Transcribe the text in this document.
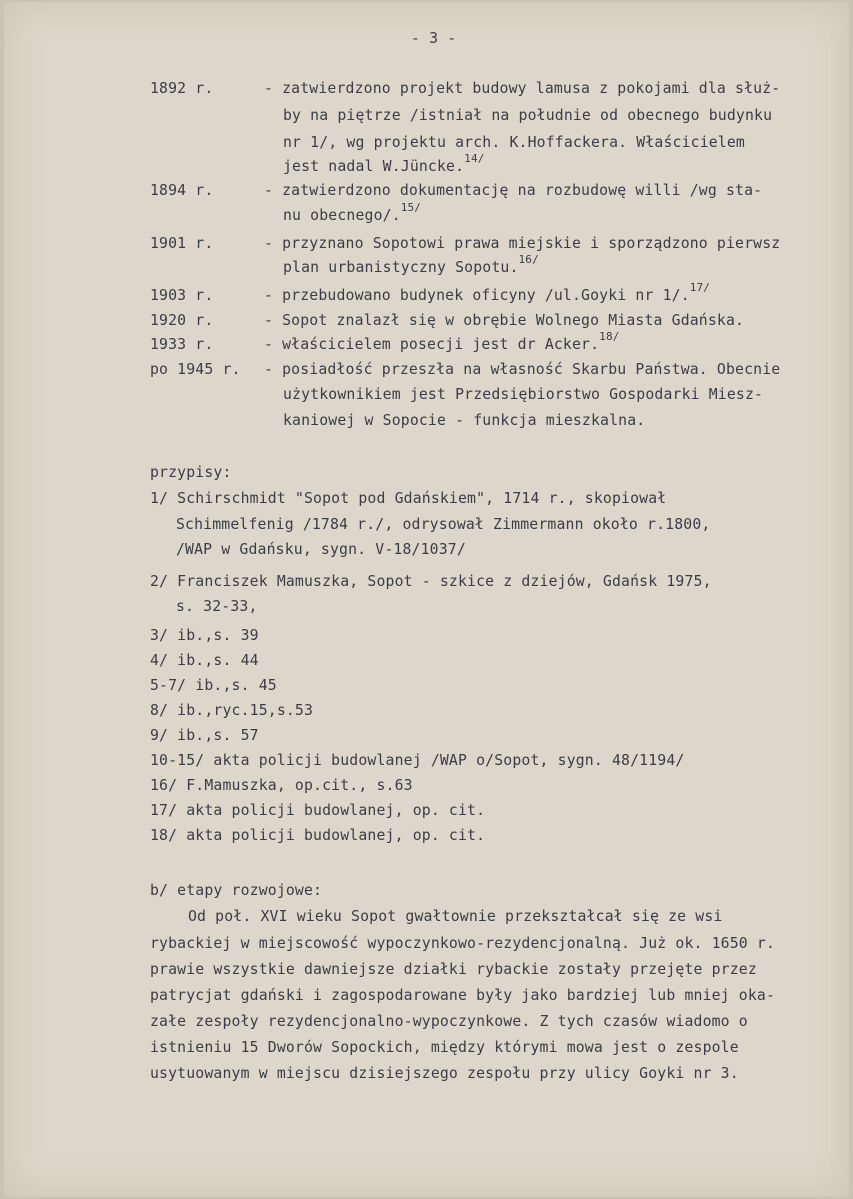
- 3 -
1892 r.	- zatwierdzono projekt budowy lamusa z pokojami dla służ-
by na piętrze /istniał na południe od obecnego budynku
nr 1/, wg projektu arch. K.Hoffackera. Właścicielem
jest nadal W.Jüncke.$^{14/}$
1894 r.	- zatwierdzono dokumentację na rozbudowę willi /wg sta-
nu obecnego/.$^{15/}$
1901 r.	- przyznano Sopotowi prawa miejskie i sporządzono pierwsz
plan urbanistyczny Sopotu.$^{16/}$
1903 r.	- przebudowano budynek oficyny /ul.Goyki nr 1/.$^{17/}$
1920 r.	- Sopot znalazł się w obrębie Wolnego Miasta Gdańska.
1933 r.	- właścicielem posecji jest dr Acker.$^{18/}$
po 1945 r. - posiadłość przeszła na własność Skarbu Państwa. Obecnie
użytkownikiem jest Przedsiębiorstwo Gospodarki Miesz-
kaniowej w Sopocie - funkcja mieszkalna.
przypisy:
1/ Schirschmidt "Sopot pod Gdańskiem", 1714 r., skopiował
Schimmelfenig /1784 r./, odrysował Zimmermann około r.1800,
/WAP w Gdańsku, sygn. V-18/1037/
2/ Franciszek Mamuszka, Sopot - szkice z dziejów, Gdańsk 1975,
s. 32-33,
3/ ib.,s. 39
4/ ib.,s. 44
5-7/ ib.,s. 45
8/ ib.,ryc.15,s.53
9/ ib.,s. 57
10-15/ akta policji budowlanej /WAP o/Sopot, sygn. 48/1194/
16/ F.Mamuszka, op.cit., s.63
17/ akta policji budowlanej, op. cit.
18/ akta policji budowlanej, op. cit.
b/ etapy rozwojowe:
Od poł. XVI wieku Sopot gwałtownie przekształcał się ze wsi
rybackiej w miejscowość wypoczynkowo-rezydencjonalną. Już ok. 1650 r.
prawie wszystkie dawniejsze działki rybackie zostały przejęte przez
patrycjat gdański i zagospodarowane były jako bardziej lub mniej oka-
załe zespoły rezydencjonalno-wypoczynkowe. Z tych czasów wiadomo o
istnieniu 15 Dworów Sopockich, między którymi mowa jest o zespole
usytuowanym w miejscu dzisiejszego zespołu przy ulicy Goyki nr 3.
